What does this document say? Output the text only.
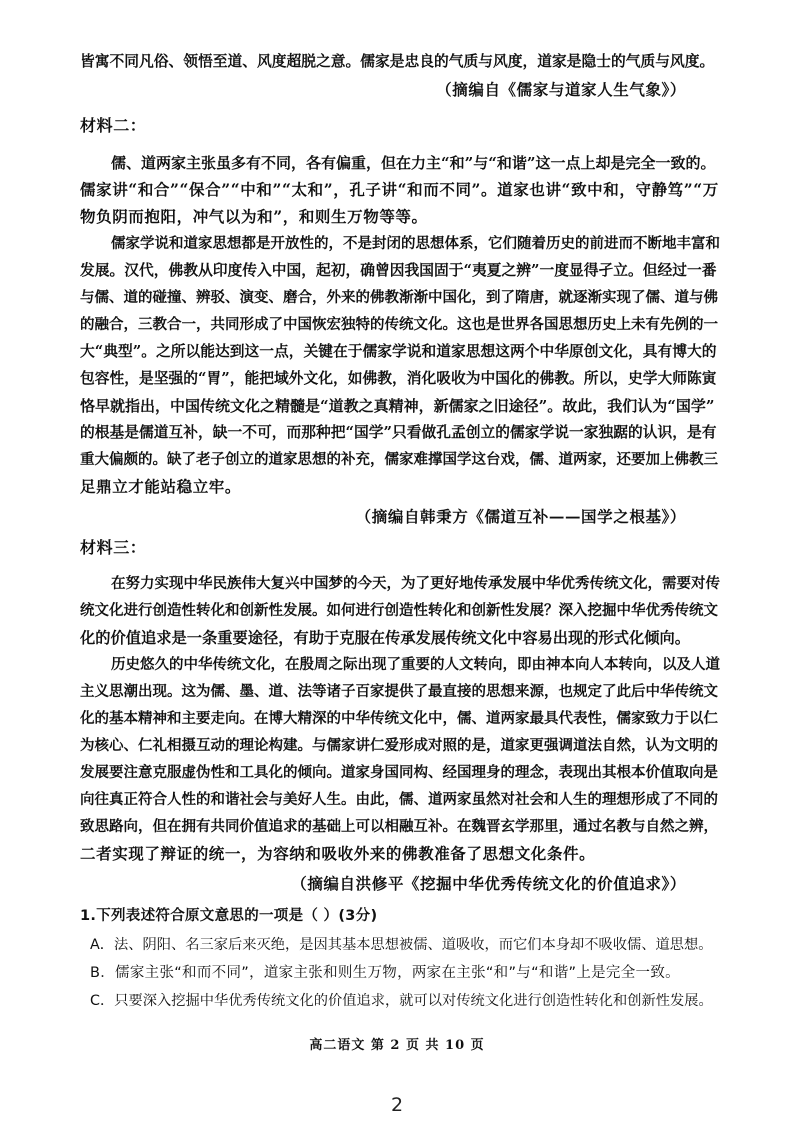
皆寓不同凡俗、领悟至道、风度超脱之意。儒家是忠良的气质与风度，道家是隐士的气质与风度。
（摘编自《儒家与道家人生气象》）
材料二：
儒、道两家主张虽多有不同，各有偏重，但在力主“和”与“和谐”这一点上却是完全一致的。
儒家讲“和合”“保合”“中和”“太和”，孔子讲“和而不同”。道家也讲“致中和，守静笃”“万
物负阴而抱阳，冲气以为和”，和则生万物等等。
儒家学说和道家思想都是开放性的，不是封闭的思想体系，它们随着历史的前进而不断地丰富和
发展。汉代，佛教从印度传入中国，起初，确曾因我国固于“夷夏之辨”一度显得孑立。但经过一番
与儒、道的碰撞、辨驳、演变、磨合，外来的佛教渐渐中国化，到了隋唐，就逐渐实现了儒、道与佛
的融合，三教合一，共同形成了中国恢宏独特的传统文化。这也是世界各国思想历史上未有先例的一
大“典型”。之所以能达到这一点，关键在于儒家学说和道家思想这两个中华原创文化，具有博大的
包容性，是坚强的“胃”，能把域外文化，如佛教，消化吸收为中国化的佛教。所以，史学大师陈寅
恪早就指出，中国传统文化之精髓是“道教之真精神，新儒家之旧途径”。故此，我们认为“国学”
的根基是儒道互补，缺一不可，而那种把“国学”只看做孔孟创立的儒家学说一家独踞的认识，是有
重大偏颇的。缺了老子创立的道家思想的补充，儒家难撑国学这台戏，儒、道两家，还要加上佛教三
足鼎立才能站稳立牢。
（摘编自韩秉方《儒道互补——国学之根基》）
材料三：
在努力实现中华民族伟大复兴中国梦的今天，为了更好地传承发展中华优秀传统文化，需要对传
统文化进行创造性转化和创新性发展。如何进行创造性转化和创新性发展？深入挖掘中华优秀传统文
化的价值追求是一条重要途径，有助于克服在传承发展传统文化中容易出现的形式化倾向。
历史悠久的中华传统文化，在殷周之际出现了重要的人文转向，即由神本向人本转向，以及人道
主义思潮出现。这为儒、墨、道、法等诸子百家提供了最直接的思想来源，也规定了此后中华传统文
化的基本精神和主要走向。在博大精深的中华传统文化中，儒、道两家最具代表性，儒家致力于以仁
为核心、仁礼相摄互动的理论构建。与儒家讲仁爱形成对照的是，道家更强调道法自然，认为文明的
发展要注意克服虚伪性和工具化的倾向。道家身国同构、经国理身的理念，表现出其根本价值取向是
向往真正符合人性的和谐社会与美好人生。由此，儒、道两家虽然对社会和人生的理想形成了不同的
致思路向，但在拥有共同价值追求的基础上可以相融互补。在魏晋玄学那里，通过名教与自然之辨，
二者实现了辩证的统一，为容纳和吸收外来的佛教准备了思想文化条件。
（摘编自洪修平《挖掘中华优秀传统文化的价值追求》）
1.下列表述符合原文意思的一项是（ ）(3分)
A．法、阴阳、名三家后来灭绝，是因其基本思想被儒、道吸收，而它们本身却不吸收儒、道思想。
B．儒家主张“和而不同”，道家主张和则生万物，两家在主张“和”与“和谐”上是完全一致。
C．只要深入挖掘中华优秀传统文化的价值追求，就可以对传统文化进行创造性转化和创新性发展。
高二语文 第 2 页 共 10 页
2
